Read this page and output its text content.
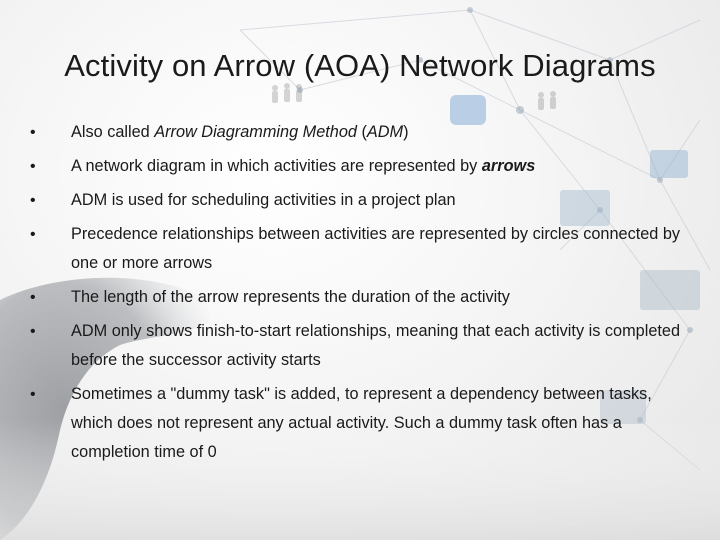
Activity on Arrow (AOA) Network Diagrams
• Also called Arrow Diagramming Method (ADM)
• A network diagram in which activities are represented by arrows
• ADM is used for scheduling activities in a project plan
• Precedence relationships between activities are represented by circles connected by one or more arrows
• The length of the arrow represents the duration of the activity
• ADM only shows finish-to-start relationships, meaning that each activity is completed before the successor activity starts
• Sometimes a "dummy task" is added, to represent a dependency between tasks, which does not represent any actual activity. Such a dummy task often has a completion time of 0
